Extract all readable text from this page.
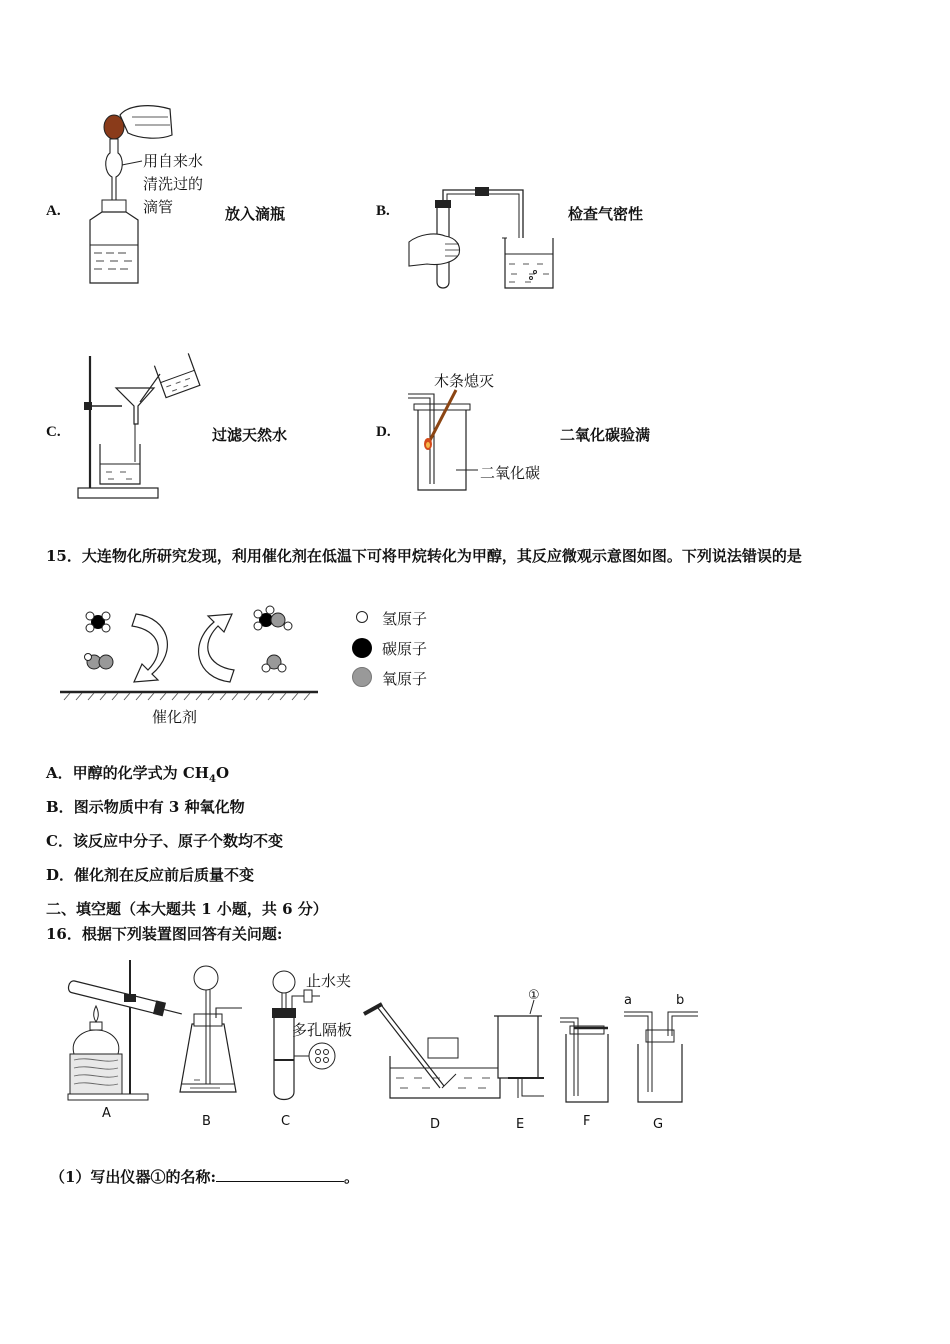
A.
用自来水
清洗过的
滴管	放入滴瓶	B.	检查气密性
C.	过滤天然水	D.
木条熄灭
二氧化碳
二氧化碳验满
15．大连物化所研究发现，利用催化剂在低温下可将甲烷转化为甲醇，其反应微观示意图如图。下列说法错误的是
催化剂
氢原子
碳原子
氧原子
A．甲醇的化学式为 $CH_4O$
B．图示物质中有 3 种氧化物
C．该反应中分子、原子个数均不变
D．催化剂在反应前后质量不变
二、填空题（本大题共 1 小题，共 6 分）
16．根据下列装置图回答有关问题:
A
B	C	D	E	F	G
止水夹
多孔隔板
①	a	b
（1）写出仪器①的名称:	。
